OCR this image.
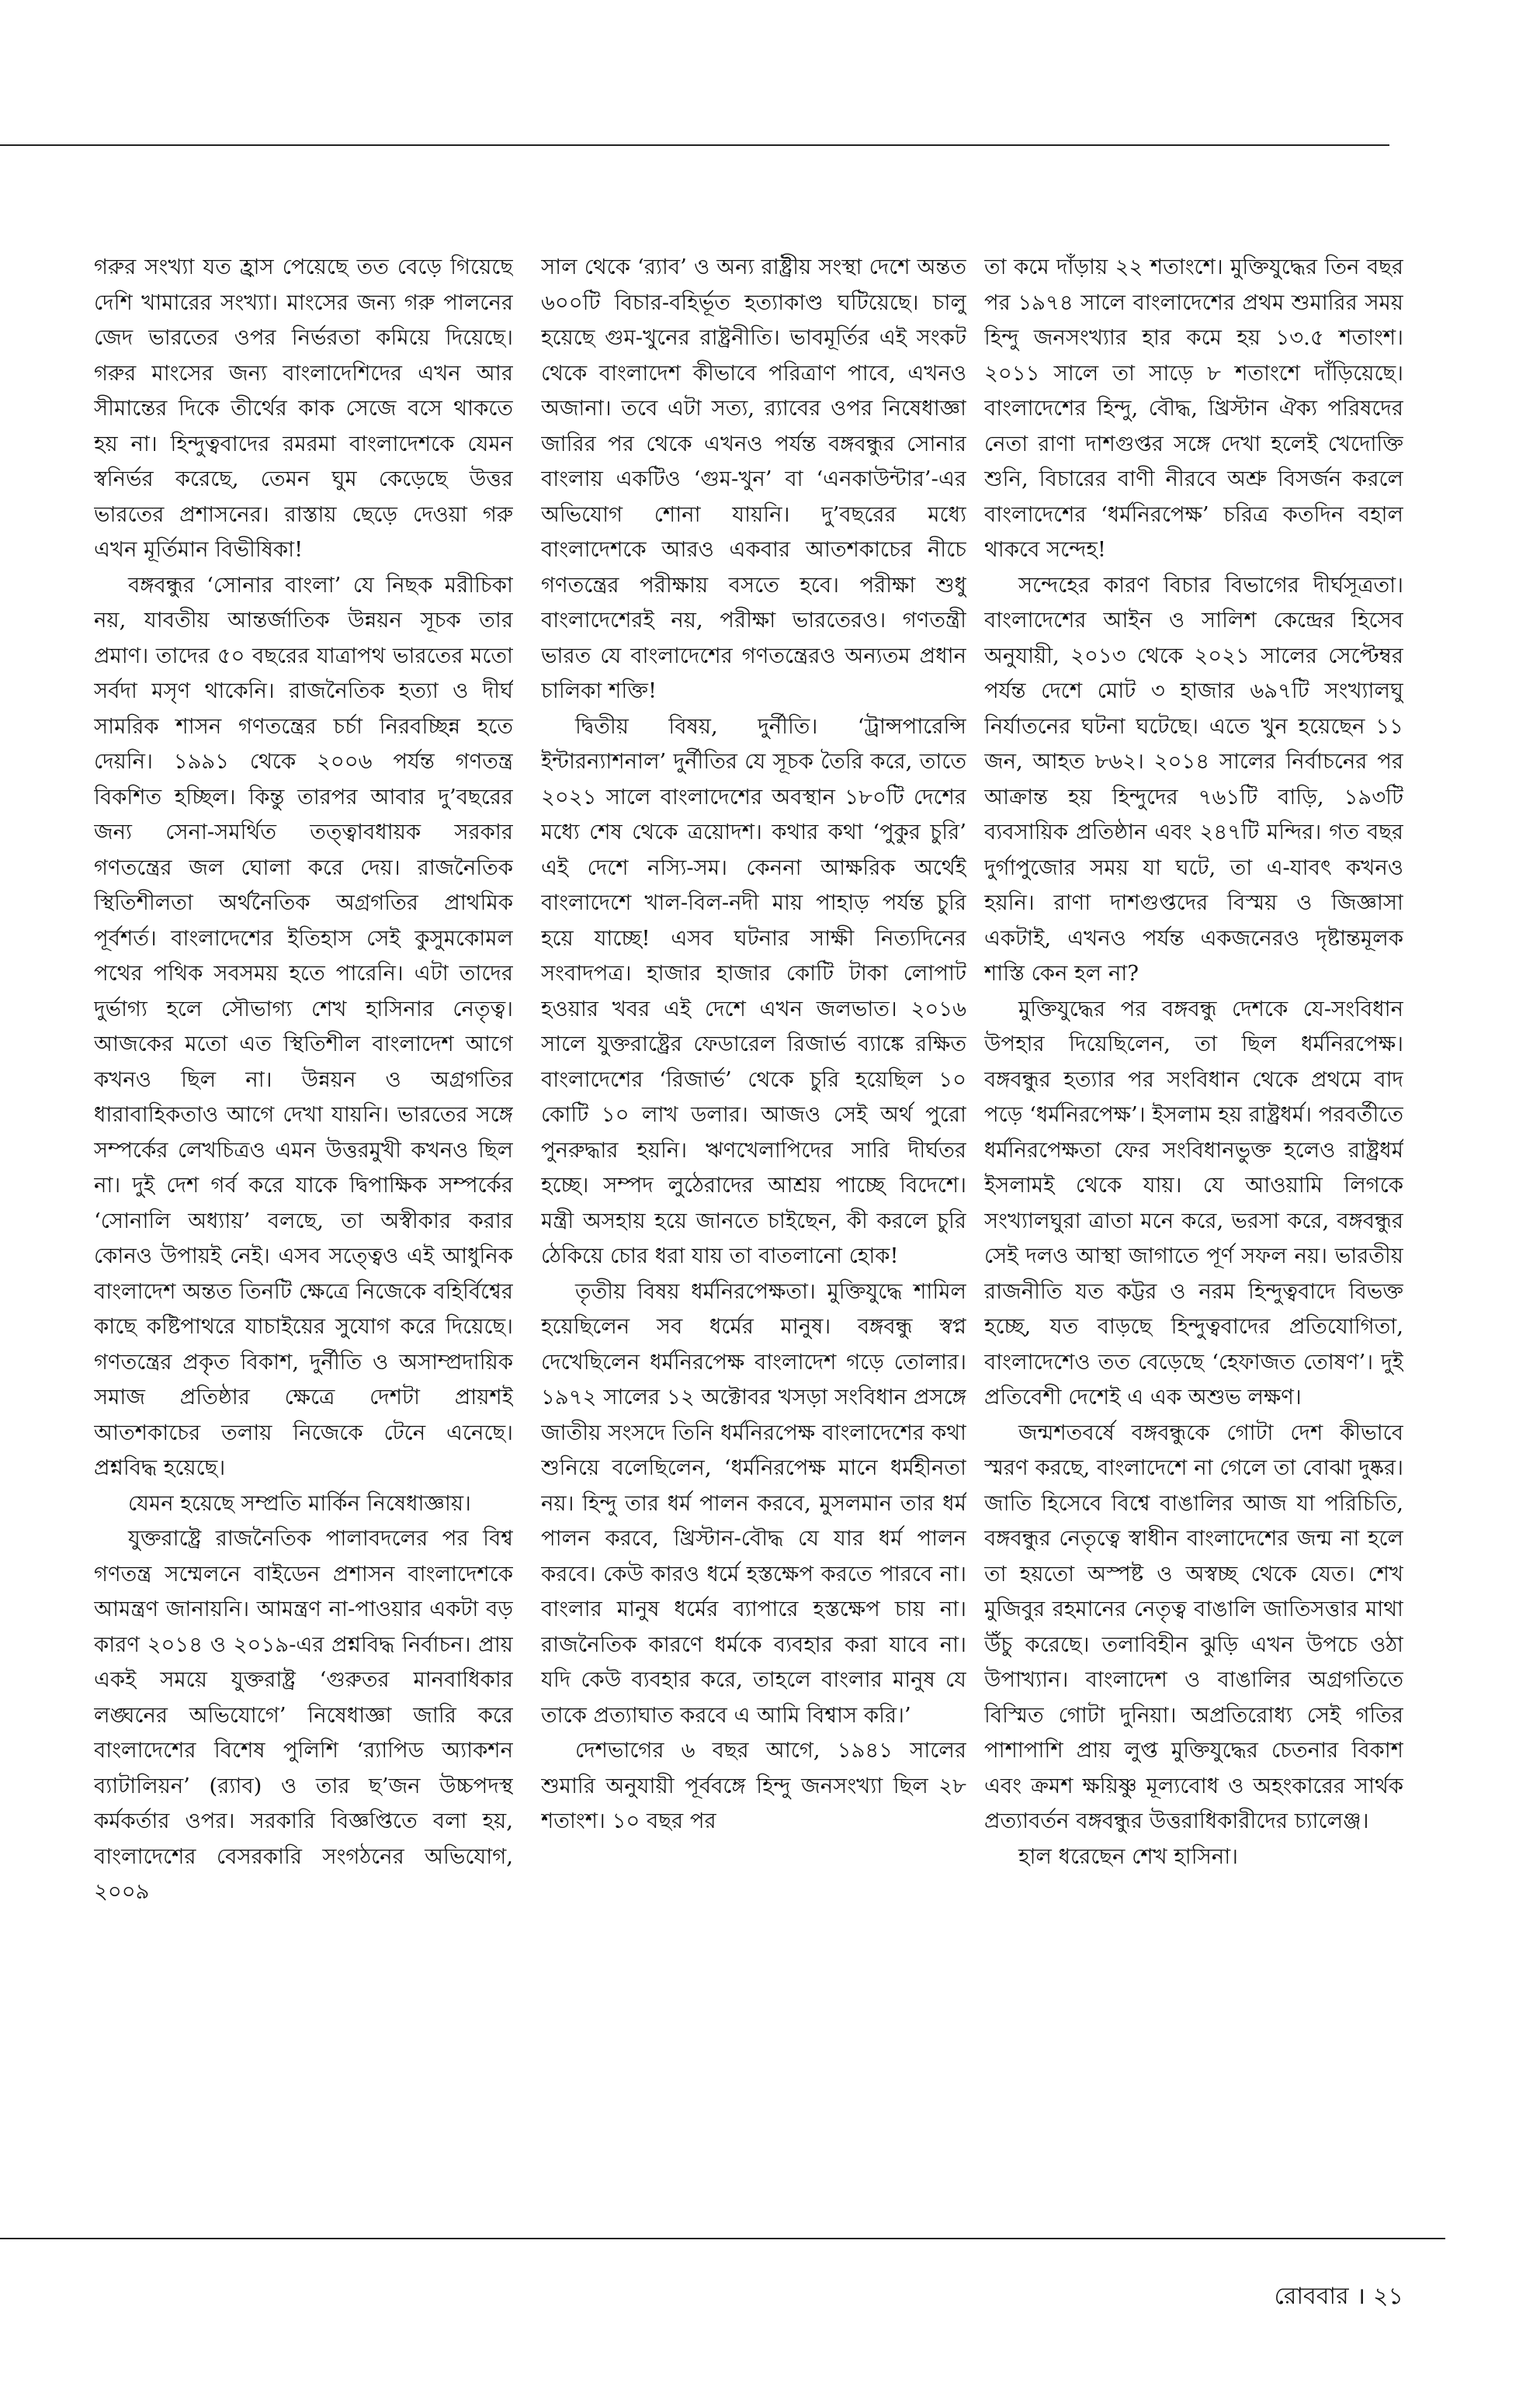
গরুর সংখ্যা যত হ্রাস পেয়েছে তত বেড়ে গিয়েছে দেশি খামারের সংখ্যা। মাংসের জন্য গরু পালনের জেদ ভারতের ওপর নির্ভরতা কমিয়ে দিয়েছে। গরুর মাংসের জন্য বাংলাদেশিদের এখন আর সীমান্তের দিকে তীর্থের কাক সেজে বসে থাকতে হয় না। হিন্দুত্ববাদের রমরমা বাংলাদেশকে যেমন স্বনির্ভর করেছে, তেমন ঘুম কেড়েছে উত্তর ভারতের প্রশাসনের। রাস্তায় ছেড়ে দেওয়া গরু এখন মূর্তিমান বিভীষিকা!

বঙ্গবন্ধুর ‘সোনার বাংলা’ যে নিছক মরীচিকা নয়, যাবতীয় আন্তর্জাতিক উন্নয়ন সূচক তার প্রমাণ। তাদের ৫০ বছরের যাত্রাপথ ভারতের মতো সর্বদা মসৃণ থাকেনি। রাজনৈতিক হত্যা ও দীর্ঘ সামরিক শাসন গণতন্ত্রের চর্চা নিরবচ্ছিন্ন হতে দেয়নি। ১৯৯১ থেকে ২০০৬ পর্যন্ত গণতন্ত্র বিকশিত হচ্ছিল। কিন্তু তারপর আবার দু’বছরের জন্য সেনা-সমর্থিত তত্ত্বাবধায়ক সরকার গণতন্ত্রের জল ঘোলা করে দেয়। রাজনৈতিক স্থিতিশীলতা অর্থনৈতিক অগ্রগতির প্রাথমিক পূর্বশর্ত। বাংলাদেশের ইতিহাস সেই কুসুমকোমল পথের পথিক সবসময় হতে পারেনি। এটা তাদের দুর্ভাগ্য হলে সৌভাগ্য শেখ হাসিনার নেতৃত্ব। আজকের মতো এত স্থিতিশীল বাংলাদেশ আগে কখনও ছিল না। উন্নয়ন ও অগ্রগতির ধারাবাহিকতাও আগে দেখা যায়নি। ভারতের সঙ্গে সম্পর্কের লেখচিত্রও এমন উত্তরমুখী কখনও ছিল না। দুই দেশ গর্ব করে যাকে দ্বিপাক্ষিক সম্পর্কের ‘সোনালি অধ্যায়’ বলছে, তা অস্বীকার করার কোনও উপায়ই নেই। এসব সত্ত্বেও এই আধুনিক বাংলাদেশ অন্তত তিনটি ক্ষেত্রে নিজেকে বহির্বিশ্বের কাছে কষ্টিপাথরে যাচাইয়ের সুযোগ করে দিয়েছে। গণতন্ত্রের প্রকৃত বিকাশ, দুর্নীতি ও অসাম্প্রদায়িক সমাজ প্রতিষ্ঠার ক্ষেত্রে দেশটা প্রায়শই আতশকাচের তলায় নিজেকে টেনে এনেছে। প্রশ্নবিদ্ধ হয়েছে।

যেমন হয়েছে সম্প্রতি মার্কিন নিষেধাজ্ঞায়।

যুক্তরাষ্ট্রে রাজনৈতিক পালাবদলের পর বিশ্ব গণতন্ত্র সম্মেলনে বাইডেন প্রশাসন বাংলাদেশকে আমন্ত্রণ জানায়নি। আমন্ত্রণ না-পাওয়ার একটা বড় কারণ ২০১৪ ও ২০১৯-এর প্রশ্নবিদ্ধ নির্বাচন। প্রায় একই সময়ে যুক্তরাষ্ট্র ‘গুরুতর মানবাধিকার লঙ্ঘনের অভিযোগে’ নিষেধাজ্ঞা জারি করে বাংলাদেশের বিশেষ পুলিশি ‘র‍্যাপিড অ্যাকশন ব্যাটালিয়ন’ (র‍্যাব) ও তার ছ’জন উচ্চপদস্থ কর্মকর্তার ওপর। সরকারি বিজ্ঞপ্তিতে বলা হয়, বাংলাদেশের বেসরকারি সংগঠনের অভিযোগ, ২০০৯

সাল থেকে ‘র‍্যাব’ ও অন্য রাষ্ট্রীয় সংস্থা দেশে অন্তত ৬০০টি বিচার-বহির্ভূত হত্যাকাণ্ড ঘটিয়েছে। চালু হয়েছে গুম-খুনের রাষ্ট্রনীতি। ভাবমূর্তির এই সংকট থেকে বাংলাদেশ কীভাবে পরিত্রাণ পাবে, এখনও অজানা। তবে এটা সত্য, র‍্যাবের ওপর নিষেধাজ্ঞা জারির পর থেকে এখনও পর্যন্ত বঙ্গবন্ধুর সোনার বাংলায় একটিও ‘গুম-খুন’ বা ‘এনকাউন্টার’-এর অভিযোগ শোনা যায়নি। দু’বছরের মধ্যে বাংলাদেশকে আরও একবার আতশকাচের নীচে গণতন্ত্রের পরীক্ষায় বসতে হবে। পরীক্ষা শুধু বাংলাদেশেরই নয়, পরীক্ষা ভারতেরও। গণতন্ত্রী ভারত যে বাংলাদেশের গণতন্ত্রেরও অন্যতম প্রধান চালিকা শক্তি!

দ্বিতীয় বিষয়, দুর্নীতি। ‘ট্রান্সপারেন্সি ইন্টারন্যাশনাল’ দুর্নীতির যে সূচক তৈরি করে, তাতে ২০২১ সালে বাংলাদেশের অবস্থান ১৮০টি দেশের মধ্যে শেষ থেকে ত্রয়োদশ। কথার কথা ‘পুকুর চুরি’ এই দেশে নস্যি-সম। কেননা আক্ষরিক অর্থেই বাংলাদেশে খাল-বিল-নদী মায় পাহাড় পর্যন্ত চুরি হয়ে যাচ্ছে! এসব ঘটনার সাক্ষী নিত্যদিনের সংবাদপত্র। হাজার হাজার কোটি টাকা লোপাট হওয়ার খবর এই দেশে এখন জলভাত। ২০১৬ সালে যুক্তরাষ্ট্রের ফেডারেল রিজার্ভ ব্যাঙ্কে রক্ষিত বাংলাদেশের ‘রিজার্ভ’ থেকে চুরি হয়েছিল ১০ কোটি ১০ লাখ ডলার। আজও সেই অর্থ পুরো পুনরুদ্ধার হয়নি। ঋণখেলাপিদের সারি দীর্ঘতর হচ্ছে। সম্পদ লুঠেরাদের আশ্রয় পাচ্ছে বিদেশে। মন্ত্রী অসহায় হয়ে জানতে চাইছেন, কী করলে চুরি ঠেকিয়ে চোর ধরা যায় তা বাতলানো হোক!

তৃতীয় বিষয় ধর্মনিরপেক্ষতা। মুক্তিযুদ্ধে শামিল হয়েছিলেন সব ধর্মের মানুষ। বঙ্গবন্ধু স্বপ্ন দেখেছিলেন ধর্মনিরপেক্ষ বাংলাদেশ গড়ে তোলার। ১৯৭২ সালের ১২ অক্টোবর খসড়া সংবিধান প্রসঙ্গে জাতীয় সংসদে তিনি ধর্মনিরপেক্ষ বাংলাদেশের কথা শুনিয়ে বলেছিলেন, ‘ধর্মনিরপেক্ষ মানে ধর্মহীনতা নয়। হিন্দু তার ধর্ম পালন করবে, মুসলমান তার ধর্ম পালন করবে, খ্রিস্টান-বৌদ্ধ যে যার ধর্ম পালন করবে। কেউ কারও ধর্মে হস্তক্ষেপ করতে পারবে না। বাংলার মানুষ ধর্মের ব্যাপারে হস্তক্ষেপ চায় না। রাজনৈতিক কারণে ধর্মকে ব্যবহার করা যাবে না। যদি কেউ ব্যবহার করে, তাহলে বাংলার মানুষ যে তাকে প্রত্যাঘাত করবে এ আমি বিশ্বাস করি।’

দেশভাগের ৬ বছর আগে, ১৯৪১ সালের শুমারি অনুযায়ী পূর্ববঙ্গে হিন্দু জনসংখ্যা ছিল ২৮ শতাংশ। ১০ বছর পর

তা কমে দাঁড়ায় ২২ শতাংশে। মুক্তিযুদ্ধের তিন বছর পর ১৯৭৪ সালে বাংলাদেশের প্রথম শুমারির সময় হিন্দু জনসংখ্যার হার কমে হয় ১৩.৫ শতাংশ। ২০১১ সালে তা সাড়ে ৮ শতাংশে দাঁড়িয়েছে। বাংলাদেশের হিন্দু, বৌদ্ধ, খ্রিস্টান ঐক্য পরিষদের নেতা রাণা দাশগুপ্তর সঙ্গে দেখা হলেই খেদোক্তি শুনি, বিচারের বাণী নীরবে অশ্রু বিসর্জন করলে বাংলাদেশের ‘ধর্মনিরপেক্ষ’ চরিত্র কতদিন বহাল থাকবে সন্দেহ!

সন্দেহের কারণ বিচার বিভাগের দীর্ঘসূত্রতা। বাংলাদেশের আইন ও সালিশ কেন্দ্রের হিসেব অনুযায়ী, ২০১৩ থেকে ২০২১ সালের সেপ্টেম্বর পর্যন্ত দেশে মোট ৩ হাজার ৬৯৭টি সংখ্যালঘু নির্যাতনের ঘটনা ঘটেছে। এতে খুন হয়েছেন ১১ জন, আহত ৮৬২। ২০১৪ সালের নির্বাচনের পর আক্রান্ত হয় হিন্দুদের ৭৬১টি বাড়ি, ১৯৩টি ব্যবসায়িক প্রতিষ্ঠান এবং ২৪৭টি মন্দির। গত বছর দুর্গাপুজোর সময় যা ঘটে, তা এ-যাবৎ কখনও হয়নি। রাণা দাশগুপ্তদের বিস্ময় ও জিজ্ঞাসা একটাই, এখনও পর্যন্ত একজনেরও দৃষ্টান্তমূলক শাস্তি কেন হল না?

মুক্তিযুদ্ধের পর বঙ্গবন্ধু দেশকে যে-সংবিধান উপহার দিয়েছিলেন, তা ছিল ধর্মনিরপেক্ষ। বঙ্গবন্ধুর হত্যার পর সংবিধান থেকে প্রথমে বাদ পড়ে ‘ধর্মনিরপেক্ষ’। ইসলাম হয় রাষ্ট্রধর্ম। পরবর্তীতে ধর্মনিরপেক্ষতা ফের সংবিধানভুক্ত হলেও রাষ্ট্রধর্ম ইসলামই থেকে যায়। যে আওয়ামি লিগকে সংখ্যালঘুরা ত্রাতা মনে করে, ভরসা করে, বঙ্গবন্ধুর সেই দলও আস্থা জাগাতে পূর্ণ সফল নয়। ভারতীয় রাজনীতি যত কট্টর ও নরম হিন্দুত্ববাদে বিভক্ত হচ্ছে, যত বাড়ছে হিন্দুত্ববাদের প্রতিযোগিতা, বাংলাদেশেও তত বেড়েছে ‘হেফাজত তোষণ’। দুই প্রতিবেশী দেশেই এ এক অশুভ লক্ষণ।

জন্মশতবর্ষে বঙ্গবন্ধুকে গোটা দেশ কীভাবে স্মরণ করছে, বাংলাদেশে না গেলে তা বোঝা দুষ্কর। জাতি হিসেবে বিশ্বে বাঙালির আজ যা পরিচিতি, বঙ্গবন্ধুর নেতৃত্বে স্বাধীন বাংলাদেশের জন্ম না হলে তা হয়তো অস্পষ্ট ও অস্বচ্ছ থেকে যেত। শেখ মুজিবুর রহমানের নেতৃত্ব বাঙালি জাতিসত্তার মাথা উঁচু করেছে। তলাবিহীন ঝুড়ি এখন উপচে ওঠা উপাখ্যান। বাংলাদেশ ও বাঙালির অগ্রগতিতে বিস্মিত গোটা দুনিয়া। অপ্রতিরোধ্য সেই গতির পাশাপাশি প্রায় লুপ্ত মুক্তিযুদ্ধের চেতনার বিকাশ এবং ক্রমশ ক্ষয়িষ্ণু মূল্যবোধ ও অহংকারের সার্থক প্রত্যাবর্তন বঙ্গবন্ধুর উত্তরাধিকারীদের চ্যালেঞ্জ।

হাল ধরেছেন শেখ হাসিনা।

রোববার । ২১
